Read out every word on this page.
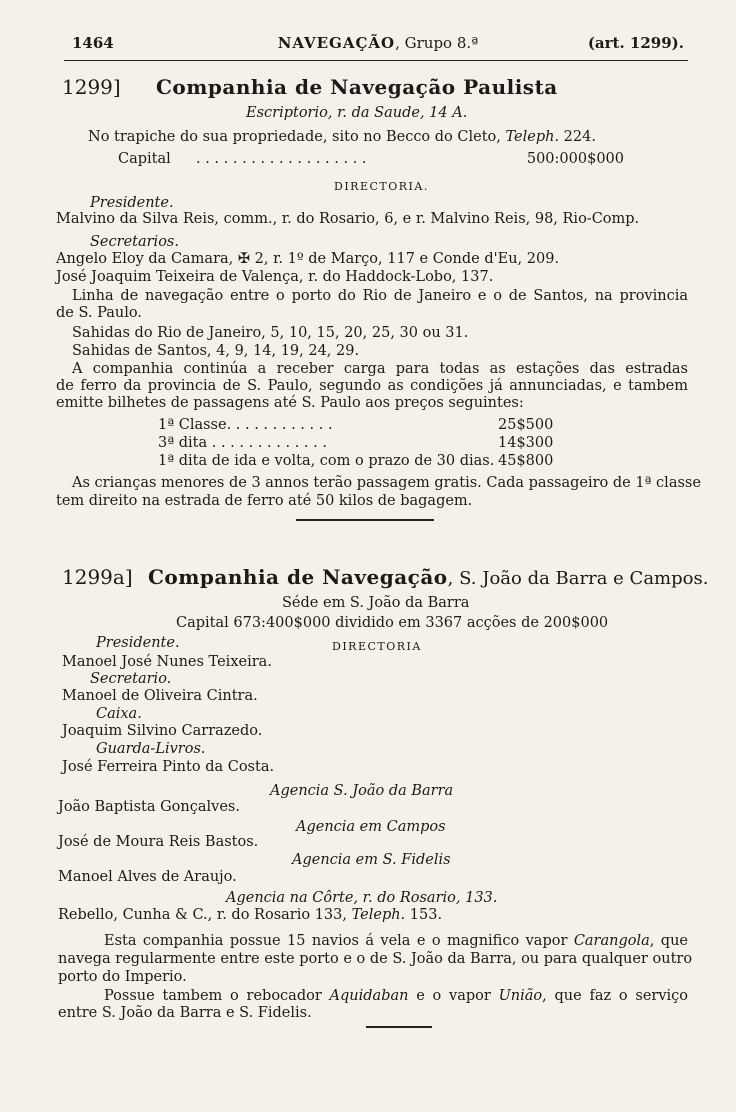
1464	NAVEGAÇÃO, Grupo 8.ª	(art. 1299).
1299] Companhia de Navegação Paulista
Escriptorio, r. da Saude, 14 A.
No trapiche do sua propriedade, sito no Becco do Cleto, Teleph. 224.
Capital . . . . . . . . . . . . . . . . . . .	500:000$000
DIRECTORIA.
Presidente.
Malvino da Silva Reis, comm., r. do Rosario, 6, e r. Malvino Reis, 98, Rio-Comp.
Secretarios.
Angelo Eloy da Camara, ✠ 2, r. 1º de Março, 117 e Conde d'Eu, 209.
José Joaquim Teixeira de Valença, r. do Haddock-Lobo, 137.
Linha de navegação entre o porto do Rio de Janeiro e o de Santos, na provincia
de S. Paulo.
Sahidas do Rio de Janeiro, 5, 10, 15, 20, 25, 30 ou 31.
Sahidas de Santos, 4, 9, 14, 19, 24, 29.
A companhia continúa a receber carga para todas as estações das estradas
de ferro da provincia de S. Paulo, segundo as condições já annunciadas, e tambem
emitte bilhetes de passagens até S. Paulo aos preços seguintes:
1ª Classe. . . . . . . . . . . .	25$500
3ª dita . . . . . . . . . . . . .	14$300
1ª dita de ida e volta, com o prazo de 30 dias. 45$800
As crianças menores de 3 annos terão passagem gratis. Cada passageiro de 1ª classe
tem direito na estrada de ferro até 50 kilos de bagagem.
1299a] Companhia de Navegação, S. João da Barra e Campos.
Séde em S. João da Barra
Capital 673:400$000 dividido em 3367 acções de 200$000
Presidente.	DIRECTORIA
Manoel José Nunes Teixeira.
Secretario.
Manoel de Oliveira Cintra.
Caixa.
Joaquim Silvino Carrazedo.
Guarda-Livros.
José Ferreira Pinto da Costa.
Agencia S. João da Barra
João Baptista Gonçalves.
Agencia em Campos
José de Moura Reis Bastos.
Agencia em S. Fidelis
Manoel Alves de Araujo.
Agencia na Côrte, r. do Rosario, 133.
Rebello, Cunha & C., r. do Rosario 133, Teleph. 153.
Esta companhia possue 15 navios á vela e o magnifico vapor Carangola, que
navega regularmente entre este porto e o de S. João da Barra, ou para qualquer outro
porto do Imperio.
Possue tambem o rebocador Aquidaban e o vapor União, que faz o serviço
entre S. João da Barra e S. Fidelis.
